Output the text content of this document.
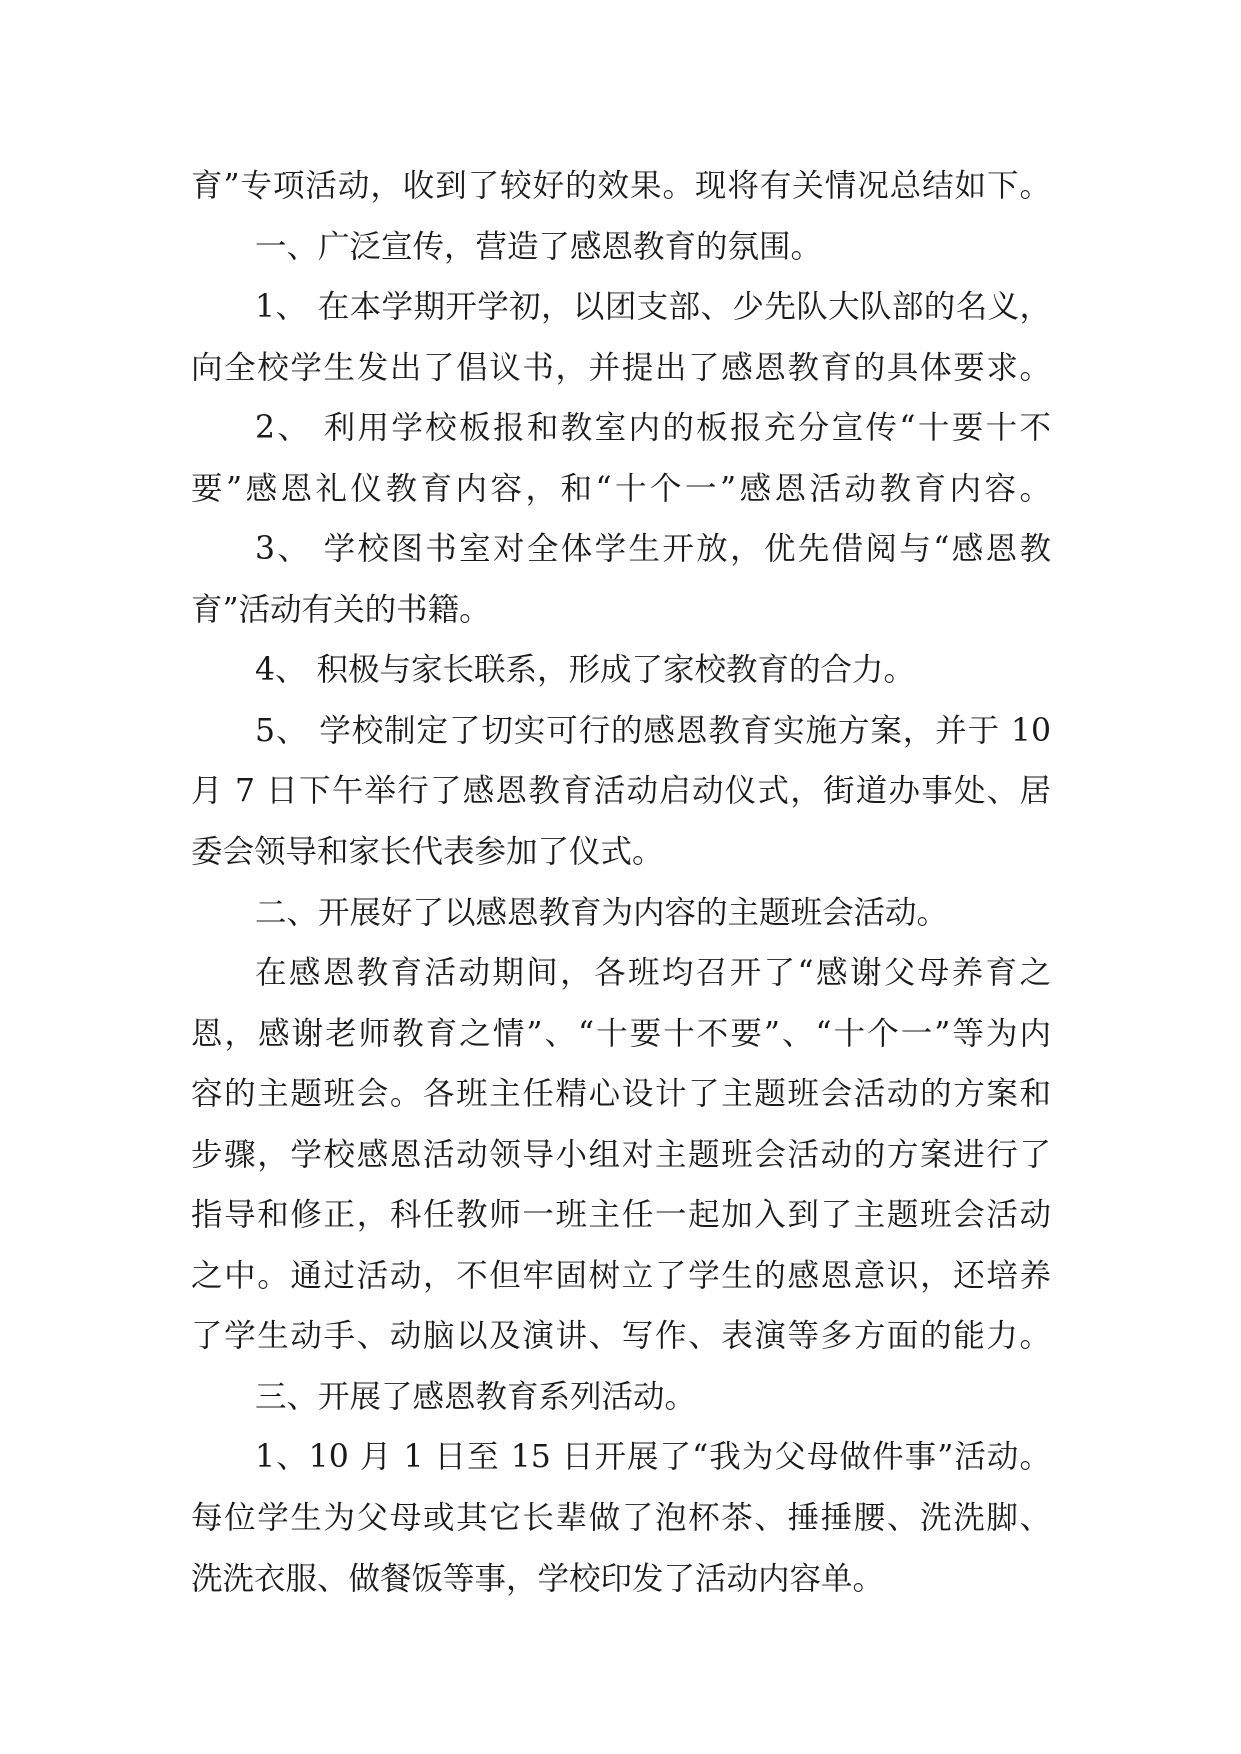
育”专项活动，收到了较好的效果。现将有关情况总结如下。
一、广泛宣传，营造了感恩教育的氛围。
1、 在本学期开学初，以团支部、少先队大队部的名义，
向全校学生发出了倡议书，并提出了感恩教育的具体要求。
2、 利用学校板报和教室内的板报充分宣传“十要十不
要”感恩礼仪教育内容，和“十个一”感恩活动教育内容。
3、 学校图书室对全体学生开放，优先借阅与“感恩教
育”活动有关的书籍。
4、 积极与家长联系，形成了家校教育的合力。
5、 学校制定了切实可行的感恩教育实施方案，并于 10
月 7 日下午举行了感恩教育活动启动仪式，街道办事处、居
委会领导和家长代表参加了仪式。
二、开展好了以感恩教育为内容的主题班会活动。
在感恩教育活动期间，各班均召开了“感谢父母养育之
恩，感谢老师教育之情”、“十要十不要”、“十个一”等为内
容的主题班会。各班主任精心设计了主题班会活动的方案和
步骤，学校感恩活动领导小组对主题班会活动的方案进行了
指导和修正，科任教师一班主任一起加入到了主题班会活动
之中。通过活动，不但牢固树立了学生的感恩意识，还培养
了学生动手、动脑以及演讲、写作、表演等多方面的能力。
三、开展了感恩教育系列活动。
1、10 月 1 日至 15 日开展了“我为父母做件事”活动。
每位学生为父母或其它长辈做了泡杯茶、捶捶腰、洗洗脚、
洗洗衣服、做餐饭等事，学校印发了活动内容单。
